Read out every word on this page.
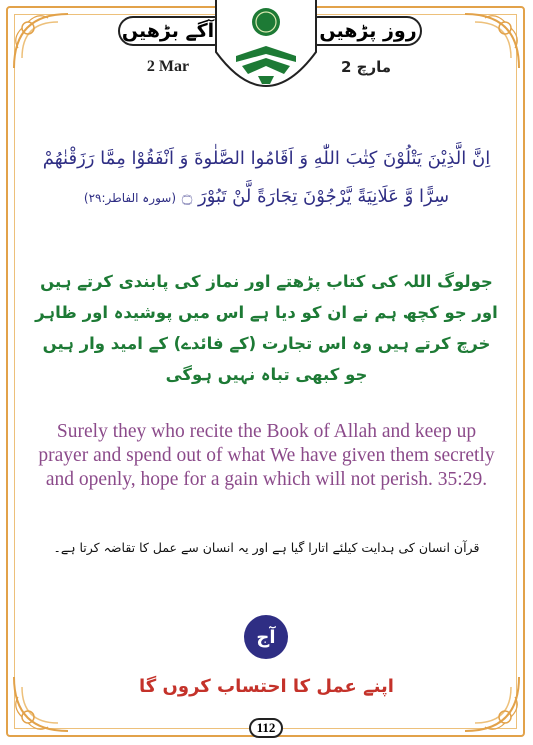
آگے بڑھیں	روز پڑھیں
2 Mar	2 مارچ
اِنَّ الَّذِيْنَ يَتْلُوْنَ كِتٰبَ اللّٰهِ وَ اَقَامُوا الصَّلٰوةَ وَ اَنْفَقُوْا مِمَّا رَزَقْنٰهُمْ سِرًّا وَّ عَلَانِيَةً يَّرْجُوْنَ تِجَارَةً لَّنْ تَبُوْرَ ۝ (سورہ الفاطر:۲۹)
جولوگ اللہ کی کتاب پڑھتے اور نماز کی پابندی کرتے ہیں اور جو کچھ ہم نے ان کو دیا ہے اس میں پوشیدہ اور ظاہر خرچ کرتے ہیں وہ اس تجارت (کے فائدے) کے امید وار ہیں جو کبھی تباہ نہیں ہوگی
Surely they who recite the Book of Allah and keep up prayer and spend out of what We have given them secretly and openly, hope for a gain which will not perish. 35:29.
قرآن انسان کی ہدایت کیلئے اتارا گیا ہے اور یہ انسان سے عمل کا تقاضہ کرتا ہے۔
آج
اپنے عمل کا احتساب کروں گا
112
